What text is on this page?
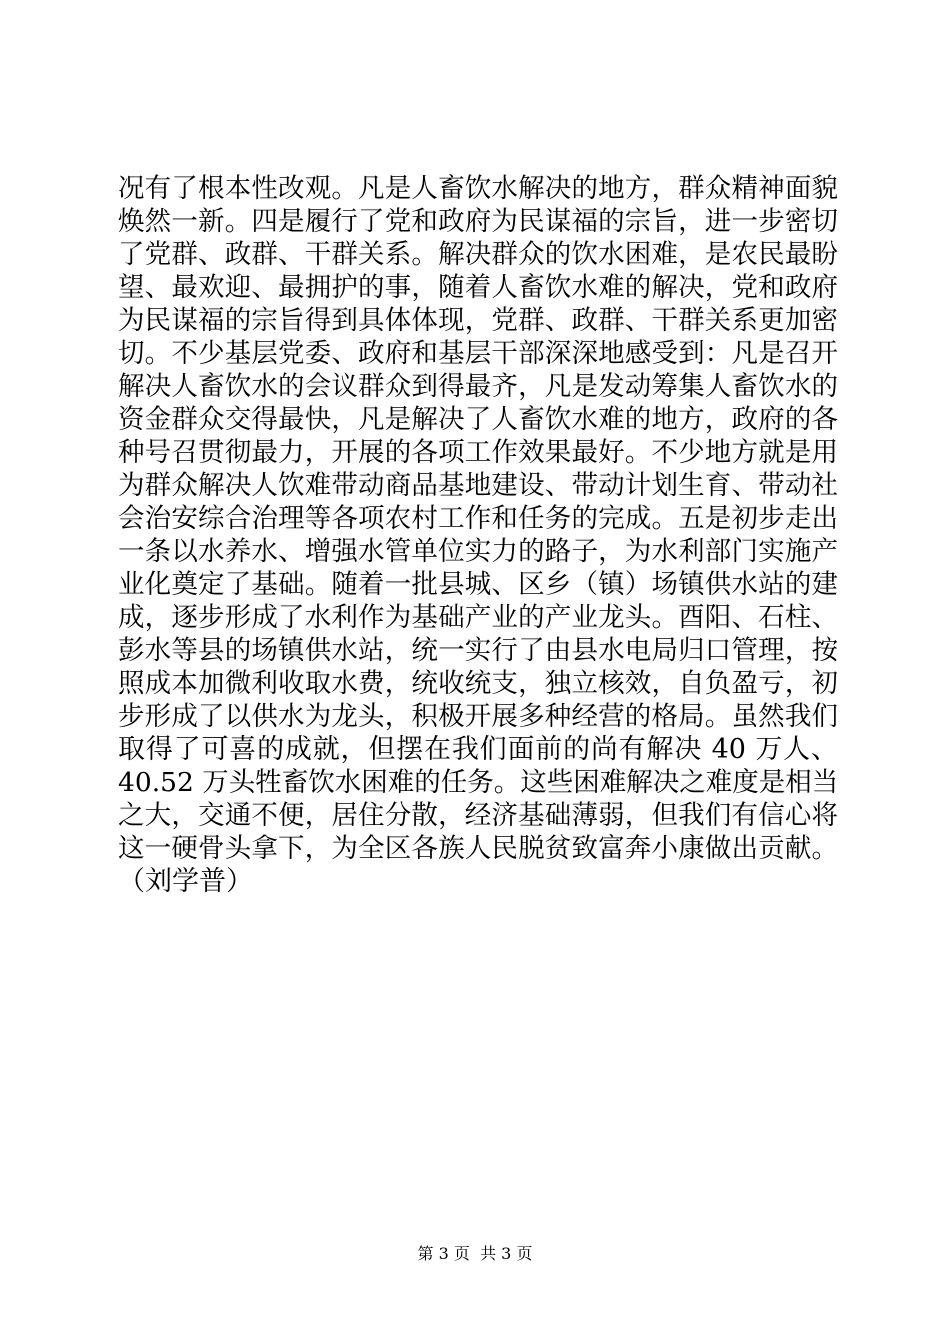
况有了根本性改观。凡是人畜饮水解决的地方，群众精神面貌
焕然一新。四是履行了党和政府为民谋福的宗旨，进一步密切
了党群、政群、干群关系。解决群众的饮水困难，是农民最盼
望、最欢迎、最拥护的事，随着人畜饮水难的解决，党和政府
为民谋福的宗旨得到具体体现，党群、政群、干群关系更加密
切。不少基层党委、政府和基层干部深深地感受到：凡是召开
解决人畜饮水的会议群众到得最齐，凡是发动筹集人畜饮水的
资金群众交得最快，凡是解决了人畜饮水难的地方，政府的各
种号召贯彻最力，开展的各项工作效果最好。不少地方就是用
为群众解决人饮难带动商品基地建设、带动计划生育、带动社
会治安综合治理等各项农村工作和任务的完成。五是初步走出
一条以水养水、增强水管单位实力的路子，为水利部门实施产
业化奠定了基础。随着一批县城、区乡（镇）场镇供水站的建
成，逐步形成了水利作为基础产业的产业龙头。酉阳、石柱、
彭水等县的场镇供水站，统一实行了由县水电局归口管理，按
照成本加微利收取水费，统收统支，独立核效，自负盈亏，初
步形成了以供水为龙头，积极开展多种经营的格局。虽然我们
取得了可喜的成就，但摆在我们面前的尚有解决 40 万人、
40.52 万头牲畜饮水困难的任务。这些困难解决之难度是相当
之大，交通不便，居住分散，经济基础薄弱，但我们有信心将
这一硬骨头拿下，为全区各族人民脱贫致富奔小康做出贡献。
（刘学普）
第 3 页  共 3 页
